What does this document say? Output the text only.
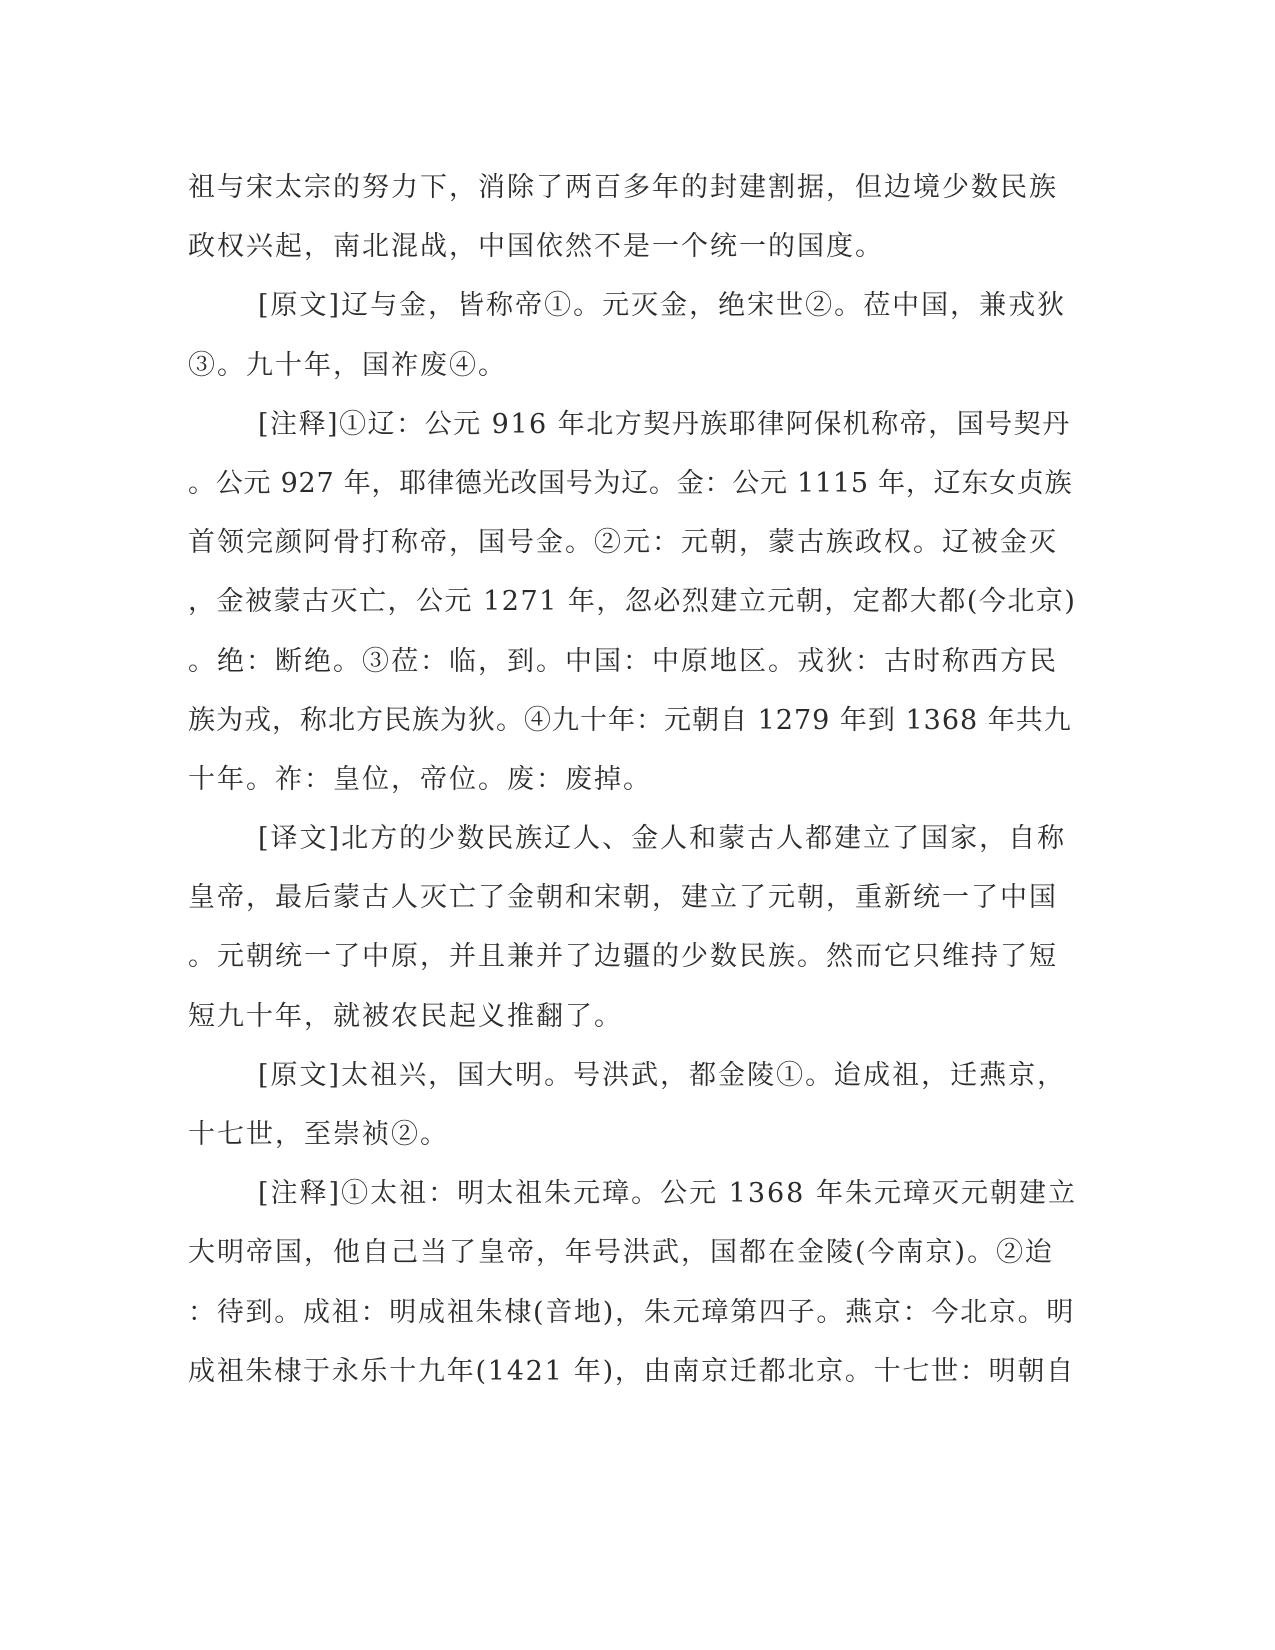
祖与宋太宗的努力下，消除了两百多年的封建割据，但边境少数民族
政权兴起，南北混战，中国依然不是一个统一的国度。
[原文]辽与金，皆称帝①。元灭金，绝宋世②。莅中国，兼戎狄
③。九十年，国祚废④。
[注释]①辽：公元 916 年北方契丹族耶律阿保机称帝，国号契丹
。公元 927 年，耶律德光改国号为辽。金：公元 1115 年，辽东女贞族
首领完颜阿骨打称帝，国号金。②元：元朝，蒙古族政权。辽被金灭
，金被蒙古灭亡，公元 1271 年，忽必烈建立元朝，定都大都(今北京)
。绝：断绝。③莅：临，到。中国：中原地区。戎狄：古时称西方民
族为戎，称北方民族为狄。④九十年：元朝自 1279 年到 1368 年共九
十年。祚：皇位，帝位。废：废掉。
[译文]北方的少数民族辽人、金人和蒙古人都建立了国家，自称
皇帝，最后蒙古人灭亡了金朝和宋朝，建立了元朝，重新统一了中国
。元朝统一了中原，并且兼并了边疆的少数民族。然而它只维持了短
短九十年，就被农民起义推翻了。
[原文]太祖兴，国大明。号洪武，都金陵①。迨成祖，迁燕京，
十七世，至崇祯②。
[注释]①太祖：明太祖朱元璋。公元 1368 年朱元璋灭元朝建立
大明帝国，他自己当了皇帝，年号洪武，国都在金陵(今南京)。②迨
：待到。成祖：明成祖朱棣(音地)，朱元璋第四子。燕京：今北京。明
成祖朱棣于永乐十九年(1421 年)，由南京迁都北京。十七世：明朝自
